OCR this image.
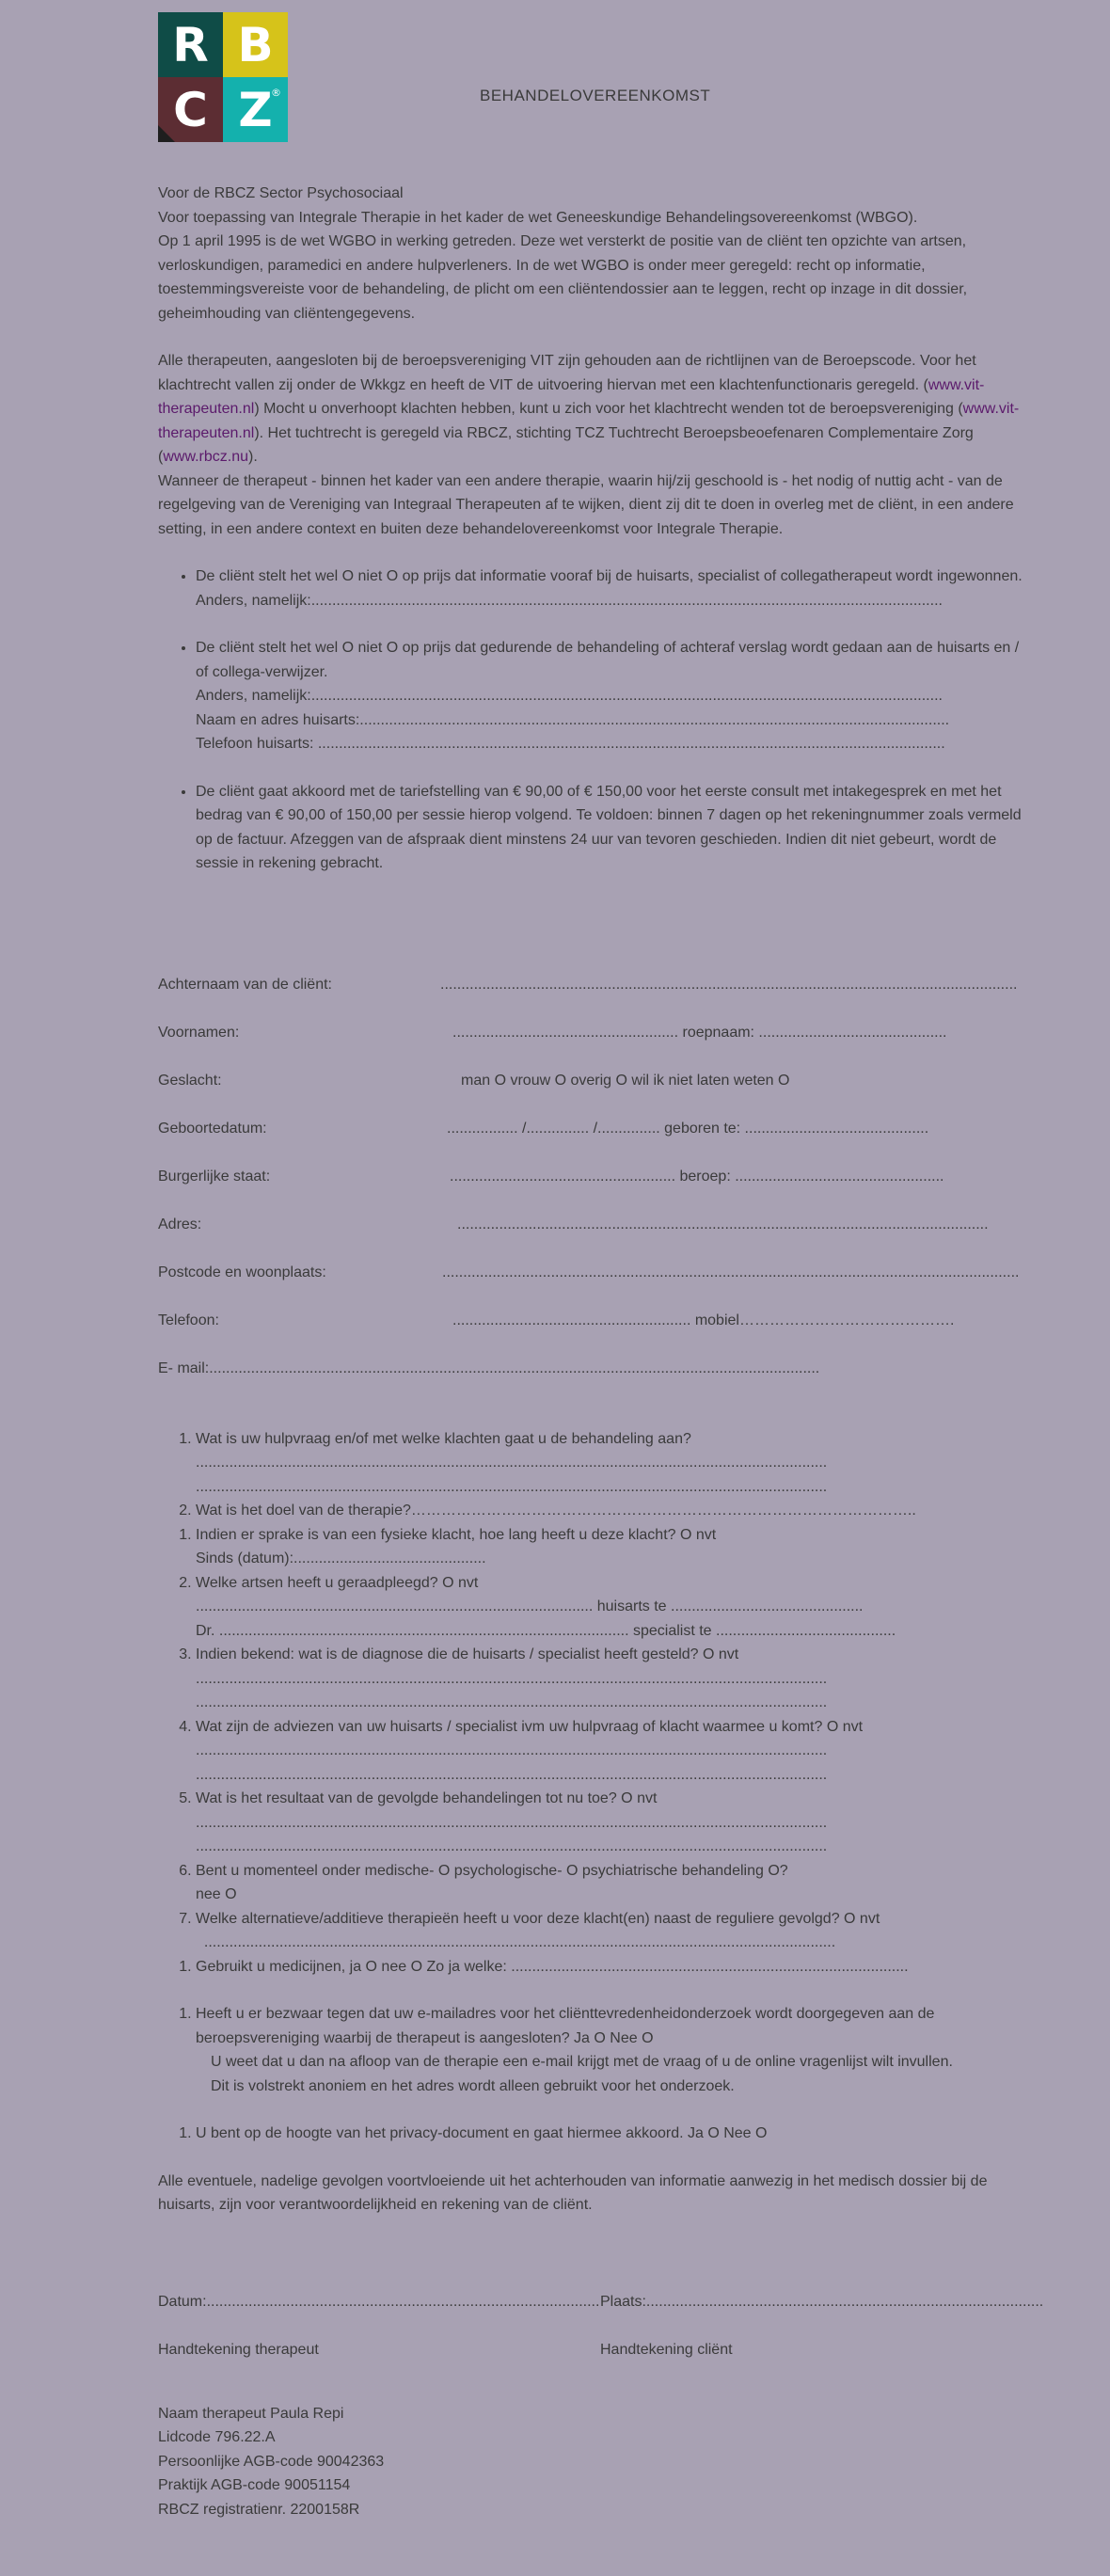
R B
C Z
®	BEHANDELOVEREENKOMST

Voor de RBCZ Sector Psychosociaal

Voor toepassing van Integrale Therapie in het kader de wet Geneeskundige Behandelingsovereenkomst (WBGO).

Op 1 april 1995 is de wet WGBO in werking getreden. Deze wet versterkt de positie van de cliënt ten opzichte van artsen, verloskundigen, paramedici en andere hulpverleners. In de wet WGBO is onder meer geregeld: recht op informatie, toestemmingsvereiste voor de behandeling, de plicht om een cliëntendossier aan te leggen, recht op inzage in dit dossier, geheimhouding van cliëntengegevens.

Alle therapeuten, aangesloten bij de beroepsvereniging VIT zijn gehouden aan de richtlijnen van de Beroepscode. Voor het klachtrecht vallen zij onder de Wkkgz en heeft de VIT de uitvoering hiervan met een klachtenfunctionaris geregeld. (www.vit-therapeuten.nl) Mocht u onverhoopt klachten hebben, kunt u zich voor het klachtrecht wenden tot de beroepsvereniging (www.vit-therapeuten.nl). Het tuchtrecht is geregeld via RBCZ, stichting TCZ Tuchtrecht Beroepsbeoefenaren Complementaire Zorg (www.rbcz.nu).

Wanneer de therapeut - binnen het kader van een andere therapie, waarin hij/zij geschoold is - het nodig of nuttig acht - van de regelgeving van de Vereniging van Integraal Therapeuten af te wijken, dient zij dit te doen in overleg met de cliënt, in een andere setting, in een andere context en buiten deze behandelovereenkomst voor Integrale Therapie.

• De cliënt stelt het wel O niet O op prijs dat informatie vooraf bij de huisarts, specialist of collegatherapeut wordt ingewonnen.
Anders, namelijk:.......................................................................................................................................................
• De cliënt stelt het wel O niet O op prijs dat gedurende de behandeling of achteraf verslag wordt gedaan aan de huisarts en / of collega-verwijzer.
Anders, namelijk:.......................................................................................................................................................
Naam en adres huisarts:.............................................................................................................................................
Telefoon huisarts: ......................................................................................................................................................
• De cliënt gaat akkoord met de tariefstelling van € 90,00 of € 150,00 voor het eerste consult met intakegesprek en met het bedrag van € 90,00 of 150,00 per sessie hierop volgend. Te voldoen: binnen 7 dagen op het rekeningnummer zoals vermeld op de factuur. Afzeggen van de afspraak dient minstens 24 uur van tevoren geschieden. Indien dit niet gebeurt, wordt de sessie in rekening gebracht.
Achternaam van de cliënt:	..........................................................................................................................................
Voornamen:	...................................................... roepnaam: .............................................
Geslacht:	man O vrouw O overig O wil ik niet laten weten O
Geboortedatum:	................. /............... /............... geboren te: ............................................
Burgerlijke staat:	...................................................... beroep: ..................................................
Adres:	...............................................................................................................................
Postcode en woonplaats:	..........................................................................................................................................
Telefoon:	......................................................... mobiel…………………………………….
E- mail:..................................................................................................................................................
1. Wat is uw hulpvraag en/of met welke klachten gaat u de behandeling aan?
.......................................................................................................................................................
.......................................................................................................................................................
2. Wat is het doel van de therapie?………………………………………………………………………………………..
1. Indien er sprake is van een fysieke klacht, hoe lang heeft u deze klacht? O nvt
Sinds (datum):..............................................
2. Welke artsen heeft u geraadpleegd? O nvt
............................................................................................... huisarts te ..............................................
Dr. .................................................................................................. specialist te ...........................................
3. Indien bekend: wat is de diagnose die de huisarts / specialist heeft gesteld? O nvt
.......................................................................................................................................................
.......................................................................................................................................................
4. Wat zijn de adviezen van uw huisarts / specialist ivm uw hulpvraag of klacht waarmee u komt? O nvt
.......................................................................................................................................................
.......................................................................................................................................................
5. Wat is het resultaat van de gevolgde behandelingen tot nu toe? O nvt
.......................................................................................................................................................
.......................................................................................................................................................
6. Bent u momenteel onder medische- O psychologische- O psychiatrische behandeling O?
nee O
7. Welke alternatieve/additieve therapieën heeft u voor deze klacht(en) naast de reguliere gevolgd? O nvt
.......................................................................................................................................................
1. Gebruikt u medicijnen, ja O nee O Zo ja welke: ...............................................................................................
1. Heeft u er bezwaar tegen dat uw e-mailadres voor het cliënttevredenheidonderzoek wordt doorgegeven aan de beroepsvereniging waarbij de therapeut is aangesloten? Ja O Nee O
U weet dat u dan na afloop van de therapie een e-mail krijgt met de vraag of u de online vragenlijst wilt invullen.
Dit is volstrekt anoniem en het adres wordt alleen gebruikt voor het onderzoek.
1. U bent op de hoogte van het privacy-document en gaat hiermee akkoord. Ja O Nee O

Alle eventuele, nadelige gevolgen voortvloeiende uit het achterhouden van informatie aanwezig in het medisch dossier bij de huisarts, zijn voor verantwoordelijkheid en rekening van de cliënt.

Datum:.............................................................................................. Plaats:...............................................................................................
Handtekening therapeut	Handtekening cliënt

Naam therapeut Paula Repi

Lidcode 796.22.A

Persoonlijke AGB-code 90042363

Praktijk AGB-code 90051154

RBCZ registratienr. 2200158R
